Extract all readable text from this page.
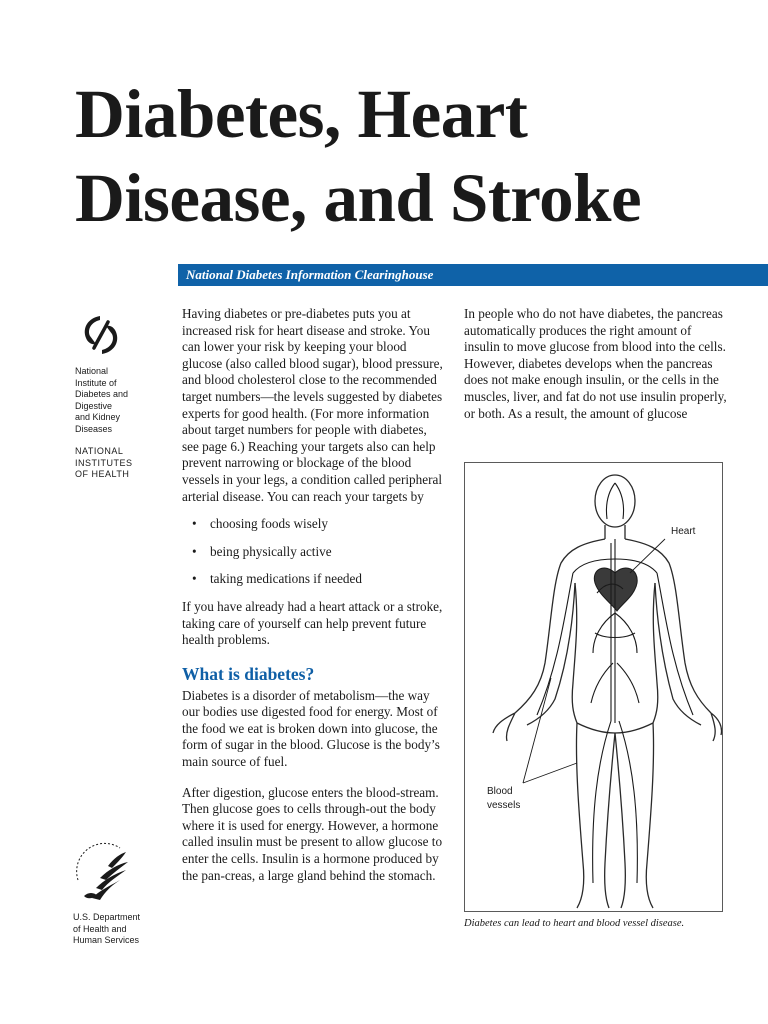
Diabetes, Heart
Disease, and Stroke
National Diabetes Information Clearinghouse
National
Institute of
Diabetes and
Digestive
and Kidney
Diseases
NATIONAL
INSTITUTES
OF HEALTH
U.S. Department
of Health and
Human Services

Having diabetes or pre-diabetes puts you at increased risk for heart disease and stroke. You can lower your risk by keeping your blood glucose (also called blood sugar), blood pressure, and blood cholesterol close to the recommended target numbers—the levels suggested by diabetes experts for good health. (For more information about target numbers for people with diabetes, see page 6.) Reaching your targets also can help prevent narrowing or blockage of the blood vessels in your legs, a condition called peripheral arterial disease. You can reach your targets by

• choosing foods wisely
• being physically active
• taking medications if needed

If you have already had a heart attack or a stroke, taking care of yourself can help prevent future health problems.

What is diabetes?

Diabetes is a disorder of metabolism—the way our bodies use digested food for energy. Most of the food we eat is broken down into glucose, the form of sugar in the blood. Glucose is the body’s main source of fuel.

After digestion, glucose enters the blood-stream. Then glucose goes to cells through-out the body where it is used for energy. However, a hormone called insulin must be present to allow glucose to enter the cells. Insulin is a hormone produced by the pan-creas, a large gland behind the stomach.

In people who do not have diabetes, the pancreas automatically produces the right amount of insulin to move glucose from blood into the cells. However, diabetes develops when the pancreas does not make enough insulin, or the cells in the muscles, liver, and fat do not use insulin properly, or both. As a result, the amount of glucose

Heart
Blood
vessels
Diabetes can lead to heart and blood vessel disease.
